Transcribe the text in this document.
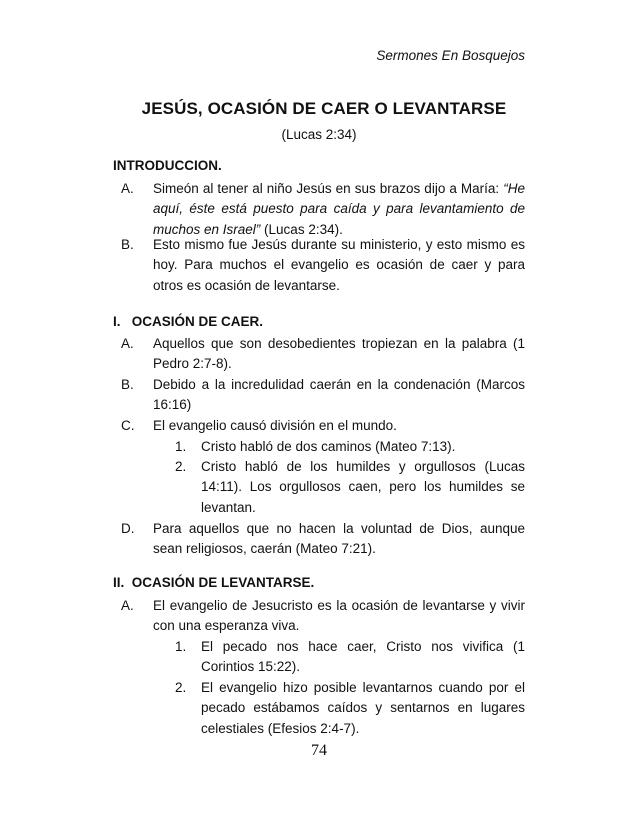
Sermones En Bosquejos
JESÚS, OCASIÓN DE CAER O LEVANTARSE
(Lucas 2:34)
INTRODUCCION.
A.	Simeón al tener al niño Jesús en sus brazos dijo a María: “He aquí, éste está puesto para caída y para levantamiento de muchos en Israel” (Lucas 2:34).
B.	Esto mismo fue Jesús durante su ministerio, y esto mismo es hoy. Para muchos el evangelio es ocasión de caer y para otros es ocasión de levantarse.
I.   OCASIÓN DE CAER.
A.	Aquellos que son desobedientes tropiezan en la palabra (1 Pedro 2:7-8).
B.	Debido a la incredulidad caerán en la condenación (Marcos 16:16)
C.	El evangelio causó división en el mundo.
1. Cristo habló de dos caminos (Mateo 7:13).
2. Cristo habló de los humildes y orgullosos (Lucas 14:11). Los orgullosos caen, pero los humildes se levantan.
D.	Para aquellos que no hacen la voluntad de Dios, aunque sean religiosos, caerán (Mateo 7:21).
II.  OCASIÓN DE LEVANTARSE.
A.	El evangelio de Jesucristo es la ocasión de levantarse y vivir con una esperanza viva.
1. El pecado nos hace caer, Cristo nos vivifica (1 Corintios 15:22).
2. El evangelio hizo posible levantarnos cuando por el pecado estábamos caídos y sentarnos en lugares celestiales (Efesios 2:4-7).
74
